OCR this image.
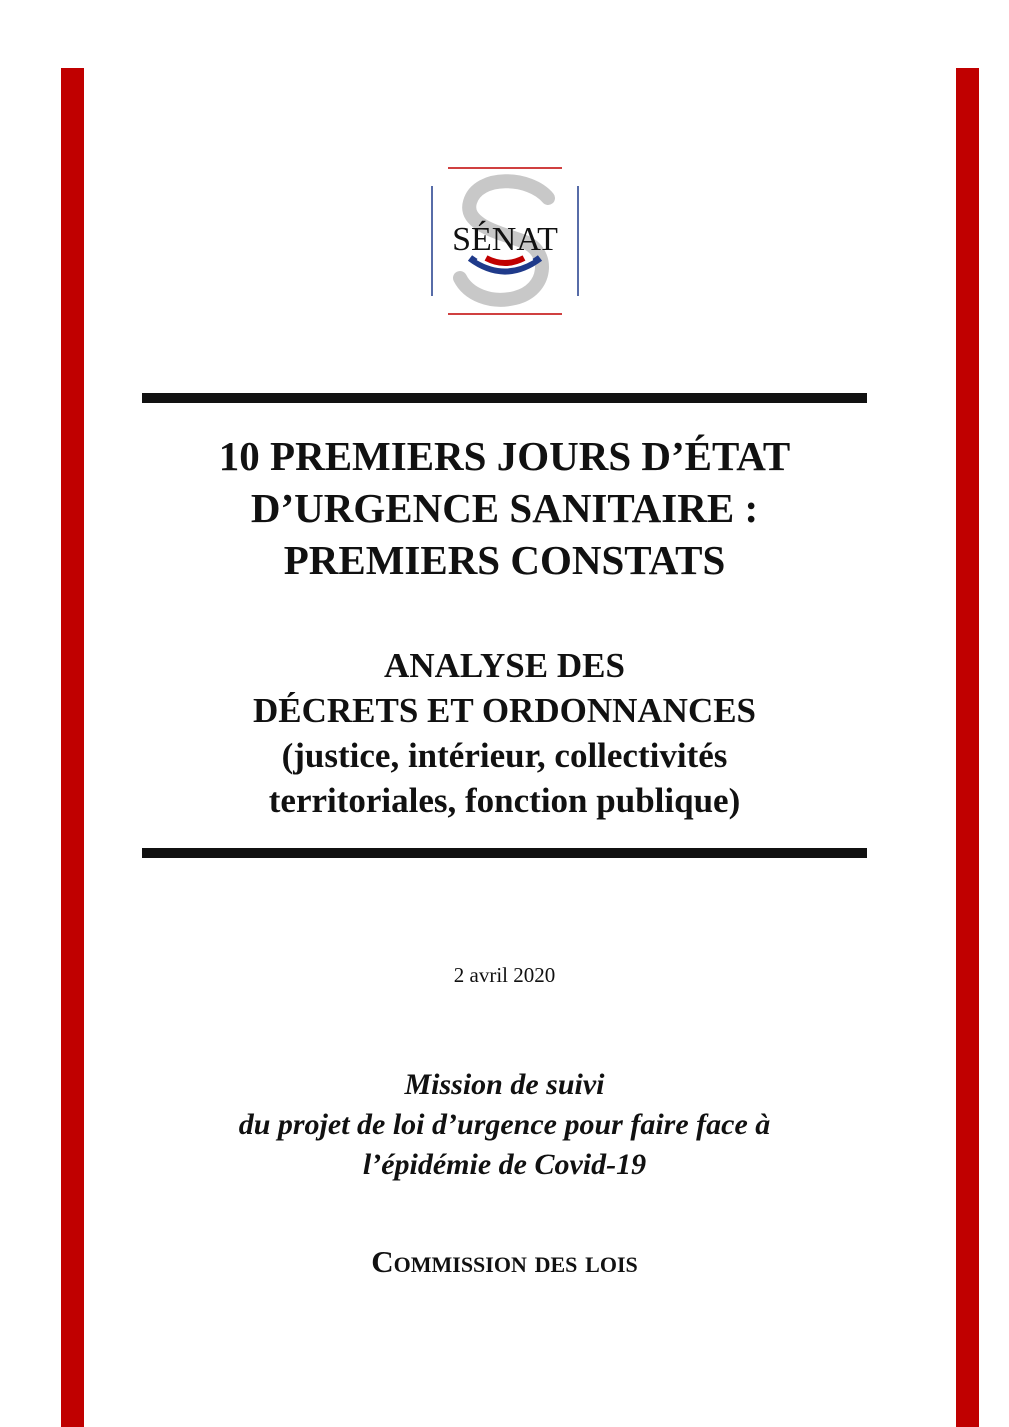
SÉNAT
10 PREMIERS JOURS D’ÉTAT
D’URGENCE SANITAIRE :
PREMIERS CONSTATS
ANALYSE DES
DÉCRETS ET ORDONNANCES
(justice, intérieur, collectivités
territoriales, fonction publique)
2 avril 2020
Mission de suivi
du projet de loi d’urgence pour faire face à
l’épidémie de Covid-19
Commission des lois
